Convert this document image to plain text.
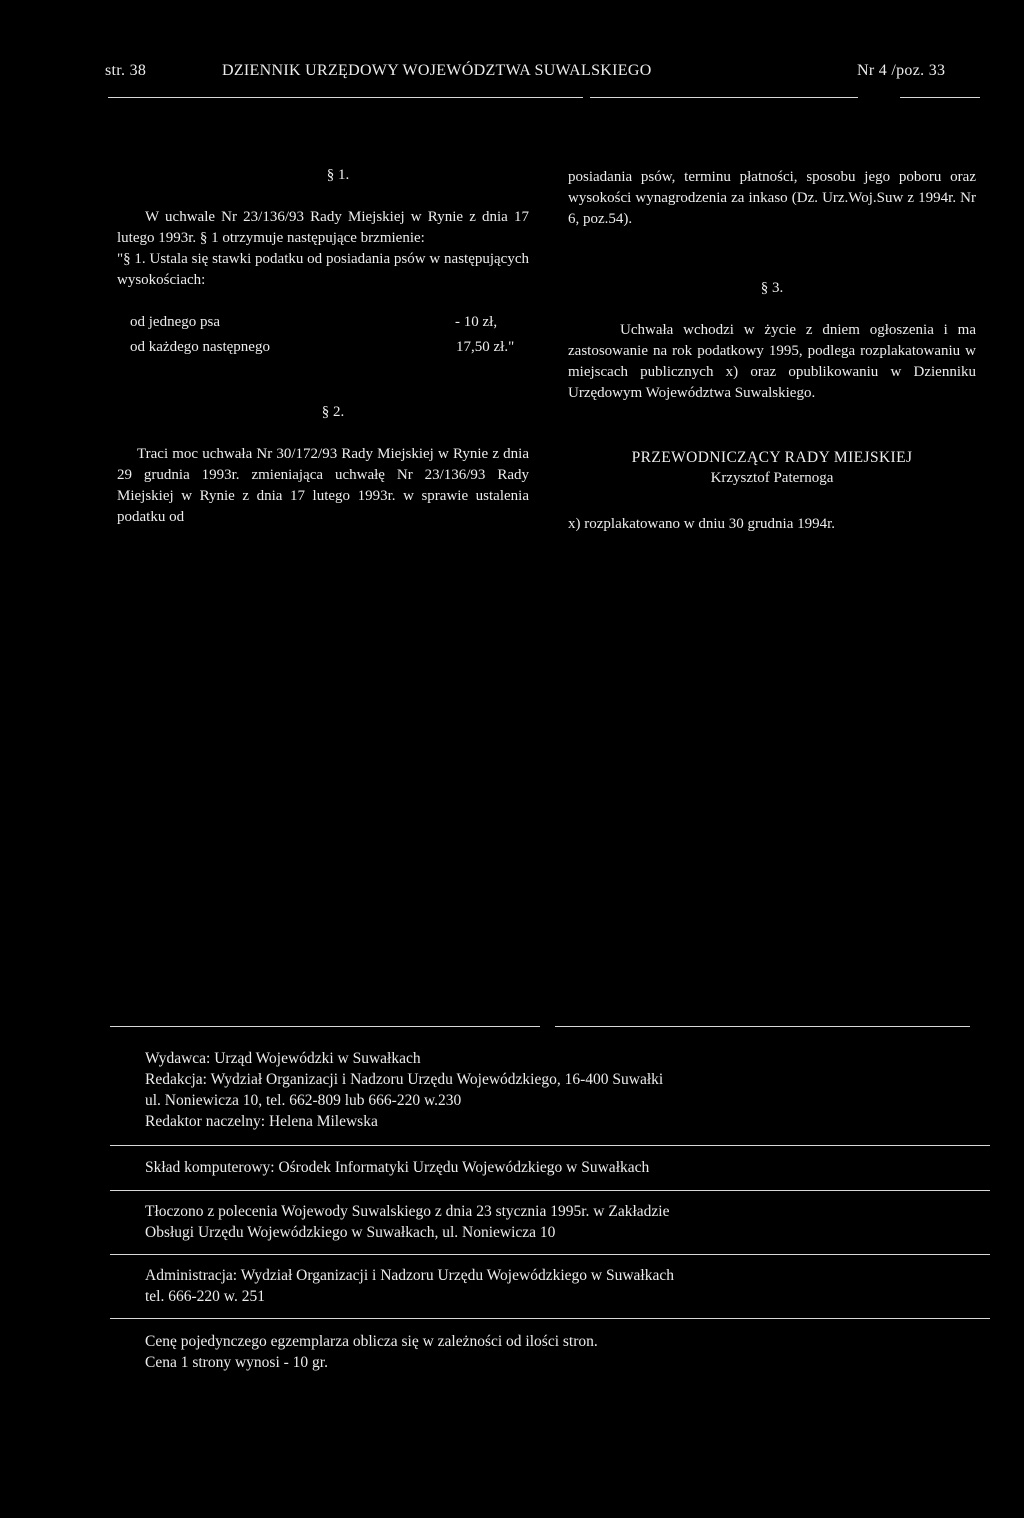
str. 38	DZIENNIK URZĘDOWY WOJEWÓDZTWA SUWALSKIEGO	Nr 4 /poz. 33
§ 1.

W uchwale Nr 23/136/93 Rady Miejskiej w Rynie z dnia 17 lutego 1993r. § 1 otrzymuje następujące brzmienie:

"§ 1. Ustala się stawki podatku od posiadania psów w następujących wysokościach:

od jednego psa	- 10 zł,
od każdego następnego	17,50 zł."
§ 2.

Traci moc uchwała Nr 30/172/93 Rady Miejskiej w Rynie z dnia 29 grudnia 1993r. zmieniająca uchwałę Nr 23/136/93 Rady Miejskiej w Rynie z dnia 17 lutego 1993r. w sprawie ustalenia podatku od

posiadania psów, terminu płatności, sposobu jego poboru oraz wysokości wynagrodzenia za inkaso (Dz. Urz.Woj.Suw z 1994r. Nr 6, poz.54).

§ 3.

Uchwała wchodzi w życie z dniem ogłoszenia i ma zastosowanie na rok podatkowy 1995, podlega rozplakatowaniu w miejscach publicznych x) oraz opublikowaniu w Dzienniku Urzędowym Województwa Suwalskiego.

PRZEWODNICZĄCY RADY MIEJSKIEJ
Krzysztof Paternoga
x) rozplakatowano w dniu 30 grudnia 1994r.
Wydawca: Urząd Wojewódzki w Suwałkach
Redakcja: Wydział Organizacji i Nadzoru Urzędu Wojewódzkiego, 16-400 Suwałki
ul. Noniewicza 10, tel. 662-809 lub 666-220 w.230
Redaktor naczelny: Helena Milewska
Skład komputerowy: Ośrodek Informatyki Urzędu Wojewódzkiego w Suwałkach
Tłoczono z polecenia Wojewody Suwalskiego z dnia 23 stycznia 1995r. w Zakładzie
Obsługi Urzędu Wojewódzkiego w Suwałkach, ul. Noniewicza 10
Administracja: Wydział Organizacji i Nadzoru Urzędu Wojewódzkiego w Suwałkach
tel. 666-220 w. 251
Cenę pojedynczego egzemplarza oblicza się w zależności od ilości stron.
Cena 1 strony wynosi - 10 gr.
